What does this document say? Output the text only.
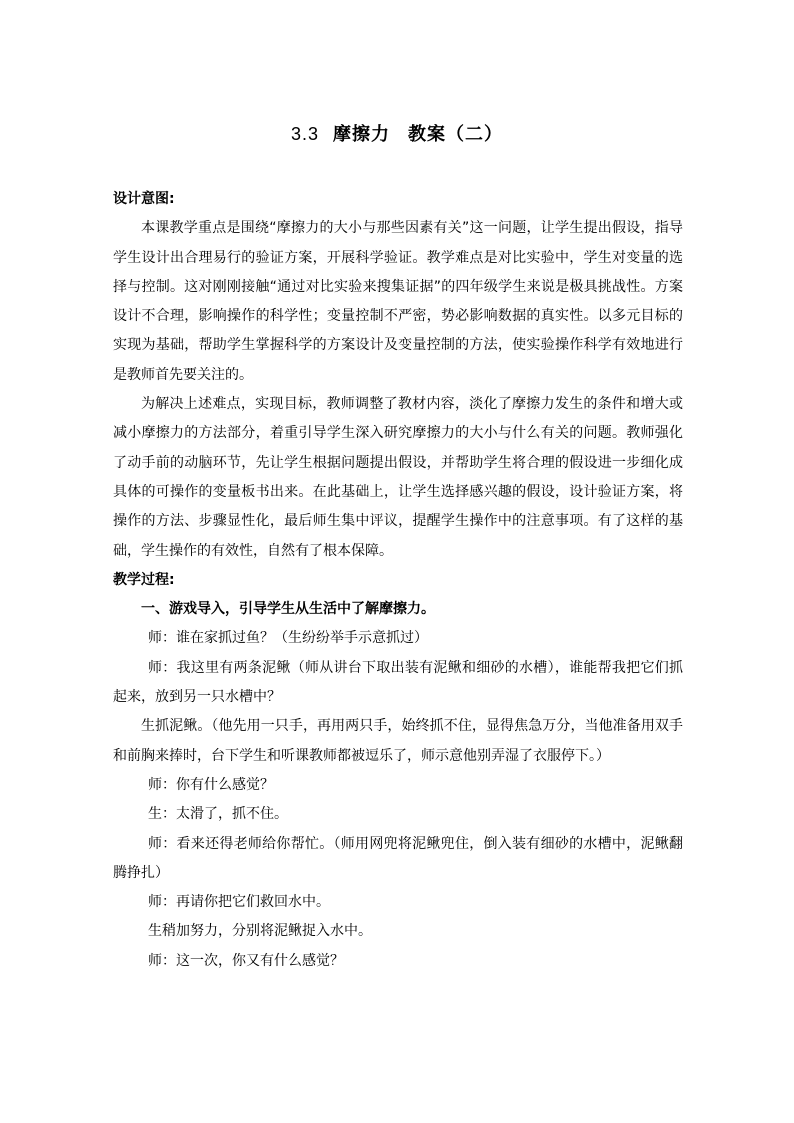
3.3 摩擦力 教案（二）

设计意图:

本课教学重点是围绕“摩擦力的大小与那些因素有关”这一问题，让学生提出假设，指导学生设计出合理易行的验证方案，开展科学验证。教学难点是对比实验中，学生对变量的选择与控制。这对刚刚接触“通过对比实验来搜集证据”的四年级学生来说是极具挑战性。方案设计不合理，影响操作的科学性；变量控制不严密，势必影响数据的真实性。以多元目标的实现为基础，帮助学生掌握科学的方案设计及变量控制的方法，使实验操作科学有效地进行是教师首先要关注的。

为解决上述难点，实现目标，教师调整了教材内容，淡化了摩擦力发生的条件和增大或减小摩擦力的方法部分，着重引导学生深入研究摩擦力的大小与什么有关的问题。教师强化了动手前的动脑环节，先让学生根据问题提出假设，并帮助学生将合理的假设进一步细化成具体的可操作的变量板书出来。在此基础上，让学生选择感兴趣的假设，设计验证方案，将操作的方法、步骤显性化，最后师生集中评议，提醒学生操作中的注意事项。有了这样的基础，学生操作的有效性，自然有了根本保障。

教学过程:

一、游戏导入，引导学生从生活中了解摩擦力。

师：谁在家抓过鱼？（生纷纷举手示意抓过）

师：我这里有两条泥鳅（师从讲台下取出装有泥鳅和细砂的水槽），谁能帮我把它们抓起来，放到另一只水槽中？

生抓泥鳅。（他先用一只手，再用两只手，始终抓不住，显得焦急万分，当他准备用双手和前胸来捧时，台下学生和听课教师都被逗乐了，师示意他别弄湿了衣服停下。）

师：你有什么感觉？

生：太滑了，抓不住。

师：看来还得老师给你帮忙。（师用网兜将泥鳅兜住，倒入装有细砂的水槽中，泥鳅翻腾挣扎）

师：再请你把它们救回水中。

生稍加努力，分别将泥鳅捉入水中。

师：这一次，你又有什么感觉？
